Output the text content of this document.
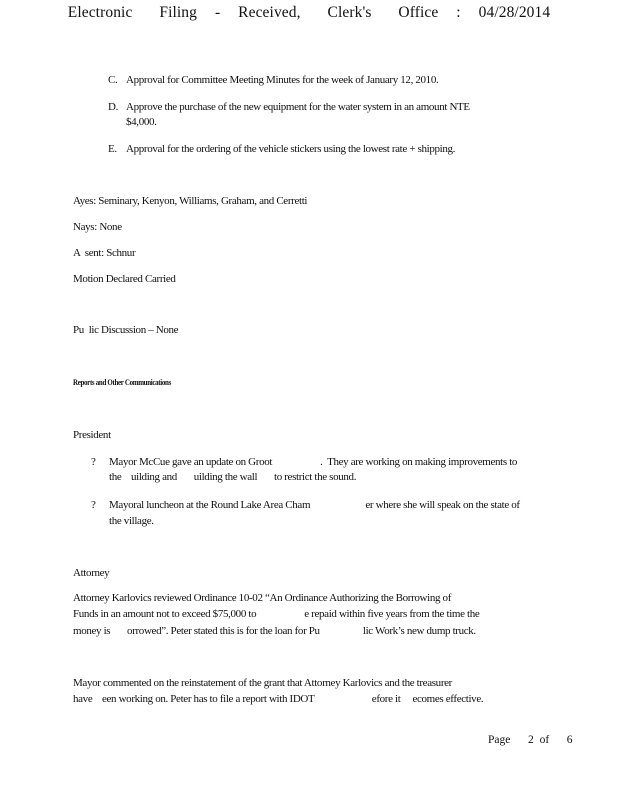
Electronic   Filing  -  Received,   Clerk's   Office  :  04/28/2014
C. Approval for Committee Meeting Minutes for the week of January 12, 2010.
D. Approve the purchase of the new equipment for the water system in an amount NTE
$4,000.
E. Approval for the ordering of the vehicle stickers using the lowest rate + shipping.
Ayes: Seminary, Kenyon, Williams, Graham, and Cerretti
Nays: None
A  sent: Schnur
Motion Declared Carried
Pu  lic Discussion – None
Reports and Other Communications
President
? Mayor McCue gave an update on Groot                    .  They are working on making improvements to
the    uilding and       uilding the wall       to restrict the sound.
? Mayoral luncheon at the Round Lake Area Cham                       er where she will speak on the state of
the village.
Attorney
Attorney Karlovics reviewed Ordinance 10-02 “An Ordinance Authorizing the Borrowing of
Funds in an amount not to exceed $75,000 to                    e repaid within five years from the time the
money is       orrowed”. Peter stated this is for the loan for Pu                  lic Work’s new dump truck.
Mayor commented on the reinstatement of the grant that Attorney Karlovics and the treasurer
have    een working on. Peter has to file a report with IDOT                        efore it     ecomes effective.
Page   2 of   6
